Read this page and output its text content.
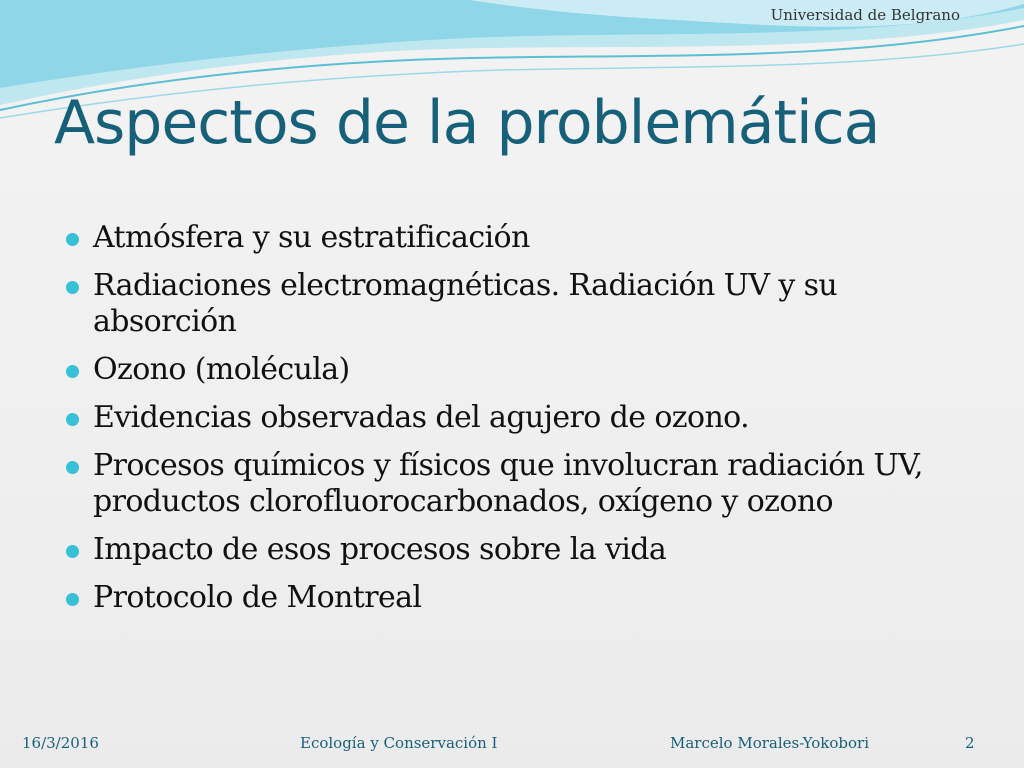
Universidad de Belgrano
Aspectos de la problemática
Atmósfera y su estratificación
Radiaciones electromagnéticas. Radiación UV y su absorción
Ozono (molécula)
Evidencias observadas del agujero de ozono.
Procesos químicos y físicos que involucran radiación UV, productos clorofluorocarbonados, oxígeno y ozono
Impacto de esos procesos sobre la vida
Protocolo de Montreal
16/3/2016	Ecología y Conservación I	Marcelo Morales-Yokobori	2
